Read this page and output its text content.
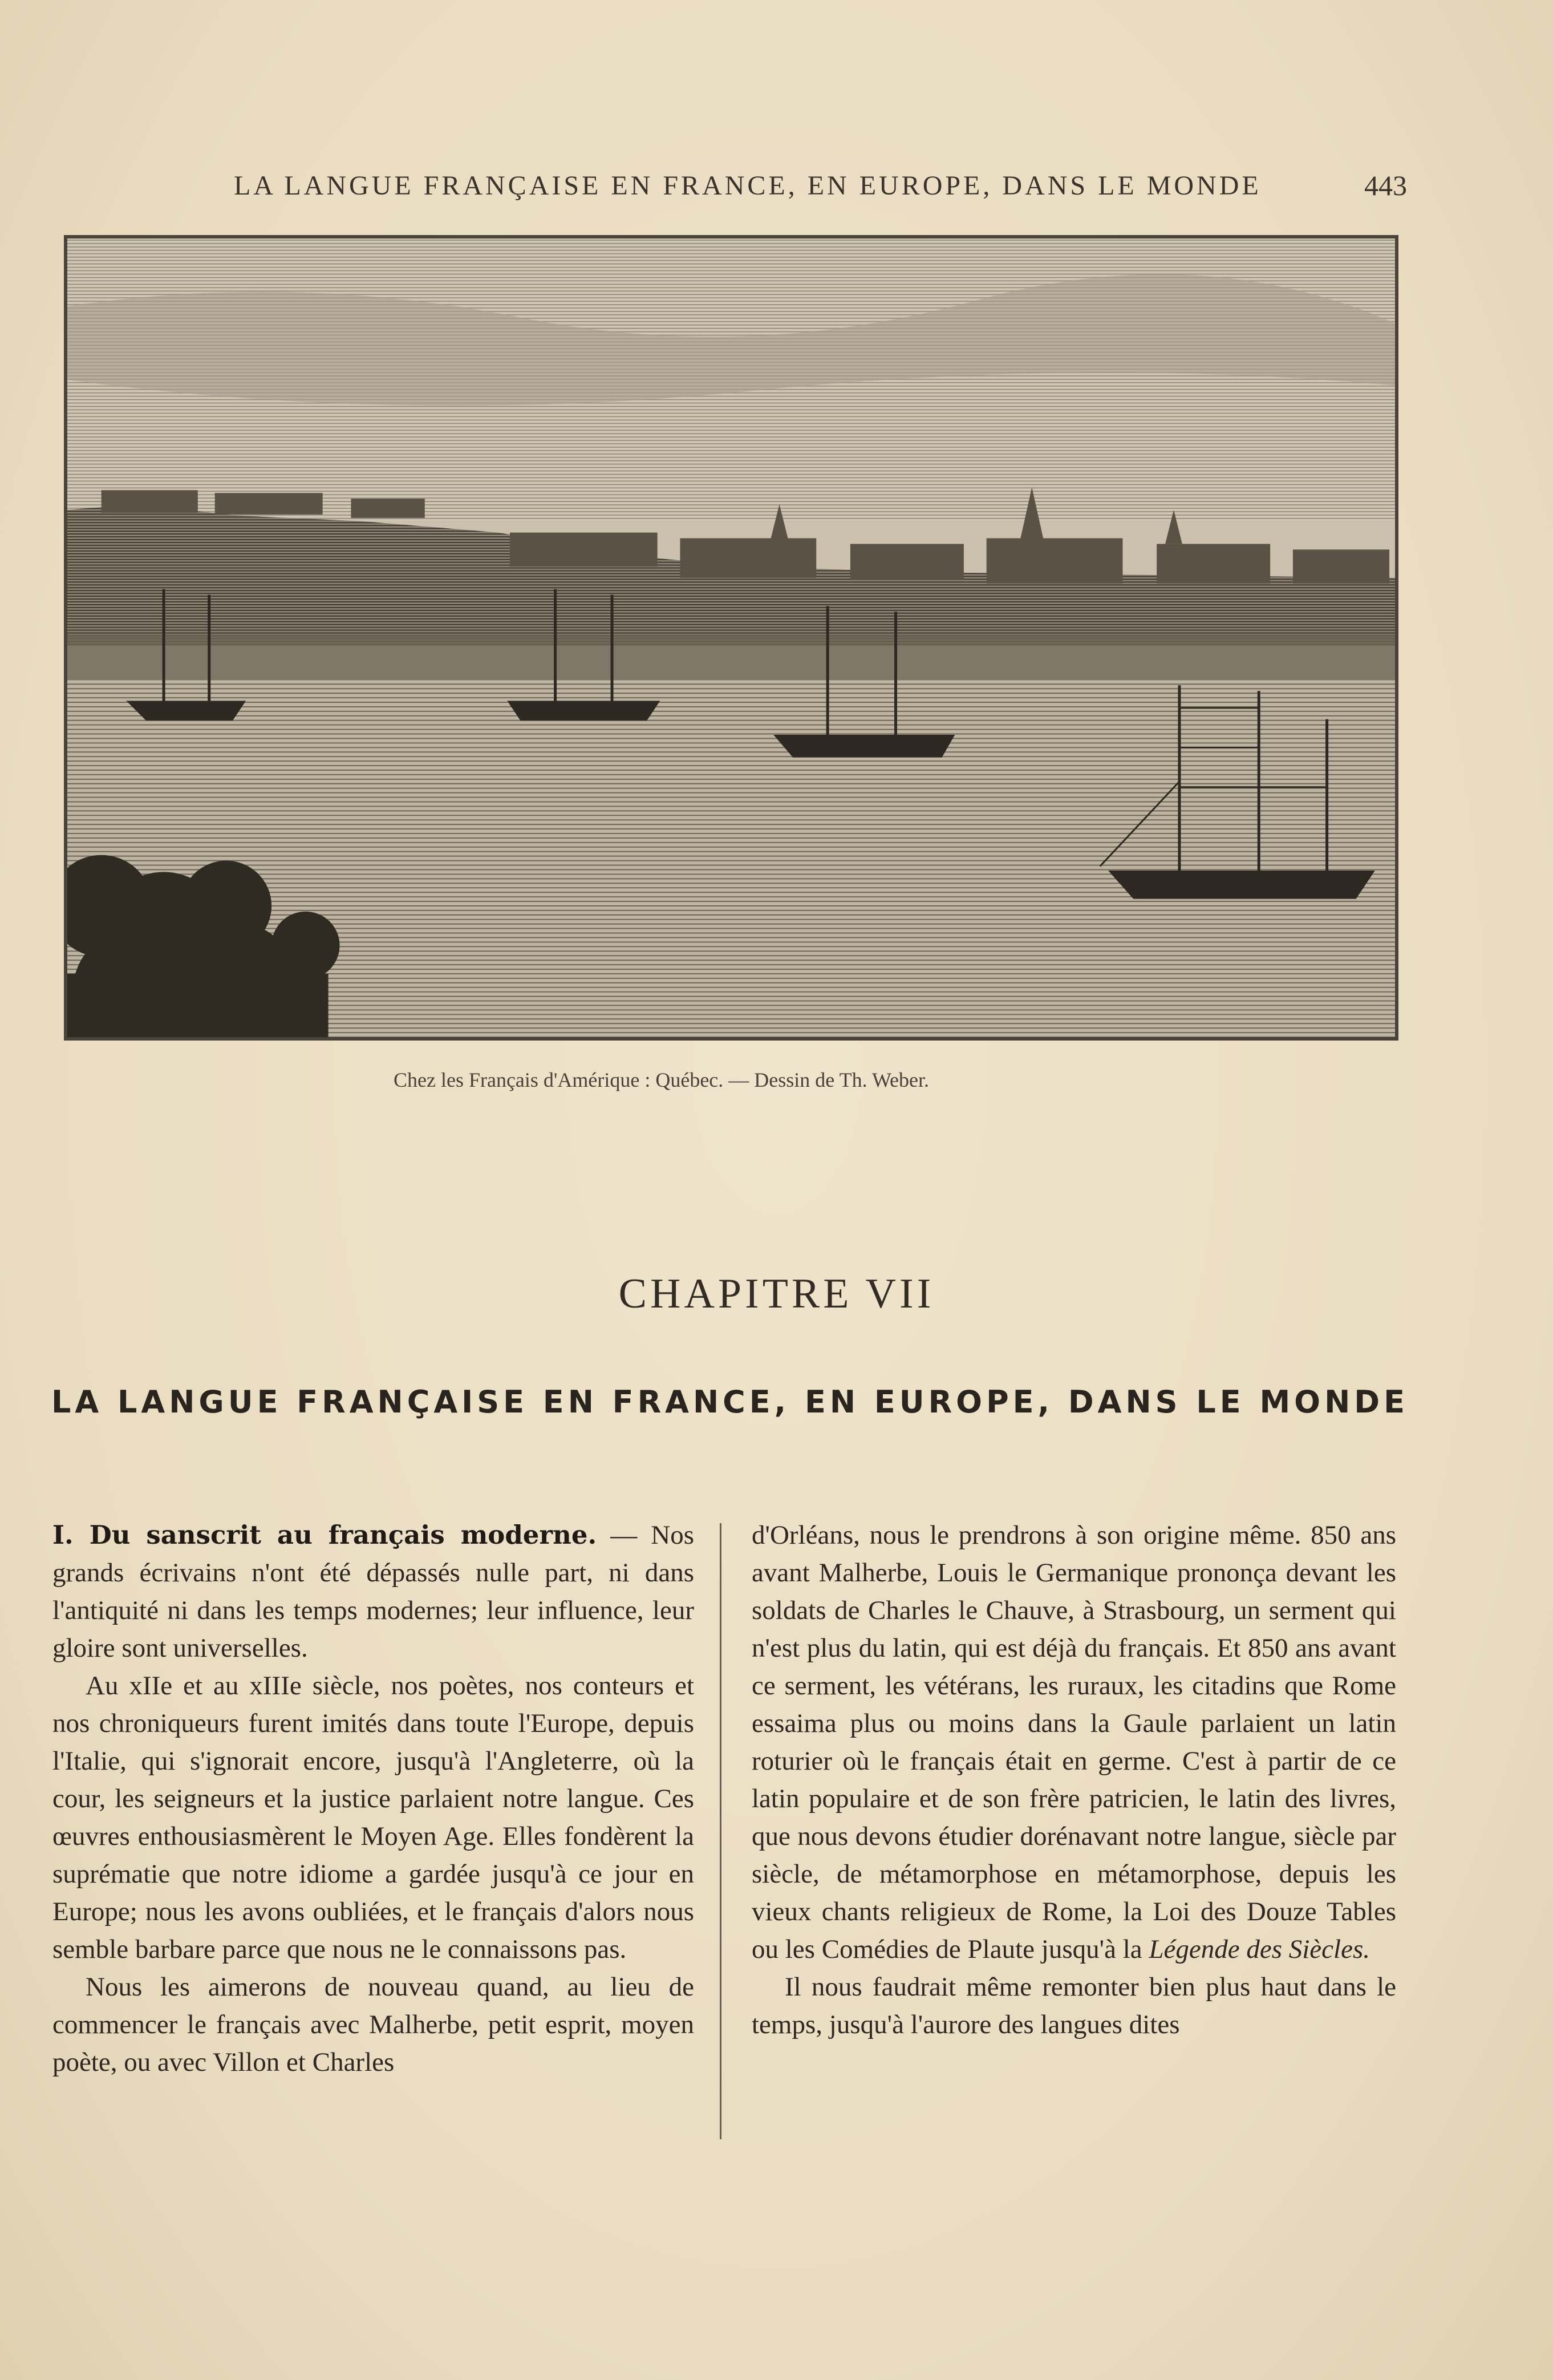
LA LANGUE FRANÇAISE EN FRANCE, EN EUROPE, DANS LE MONDE	443
Chez les Français d'Amérique : Québec. — Dessin de Th. Weber.
CHAPITRE VII
LA LANGUE FRANÇAISE EN FRANCE, EN EUROPE, DANS LE MONDE

I. Du sanscrit au français moderne. — Nos grands écrivains n'ont été dépassés nulle part, ni dans l'antiquité ni dans les temps modernes; leur influence, leur gloire sont universelles.

Au xIIe et au xIIIe siècle, nos poètes, nos conteurs et nos chroniqueurs furent imités dans toute l'Europe, depuis l'Italie, qui s'ignorait encore, jusqu'à l'Angleterre, où la cour, les seigneurs et la justice parlaient notre langue. Ces œuvres enthousiasmèrent le Moyen Age. Elles fondèrent la suprématie que notre idiome a gardée jusqu'à ce jour en Europe; nous les avons oubliées, et le français d'alors nous semble barbare parce que nous ne le connaissons pas.

Nous les aimerons de nouveau quand, au lieu de commencer le français avec Malherbe, petit esprit, moyen poète, ou avec Villon et Charles

d'Orléans, nous le prendrons à son origine même. 850 ans avant Malherbe, Louis le Germanique prononça devant les soldats de Charles le Chauve, à Strasbourg, un serment qui n'est plus du latin, qui est déjà du français. Et 850 ans avant ce serment, les vétérans, les ruraux, les citadins que Rome essaima plus ou moins dans la Gaule parlaient un latin roturier où le français était en germe. C'est à partir de ce latin populaire et de son frère patricien, le latin des livres, que nous devons étudier dorénavant notre langue, siècle par siècle, de métamorphose en métamorphose, depuis les vieux chants religieux de Rome, la Loi des Douze Tables ou les Comédies de Plaute jusqu'à la Légende des Siècles.

Il nous faudrait même remonter bien plus haut dans le temps, jusqu'à l'aurore des langues dites
